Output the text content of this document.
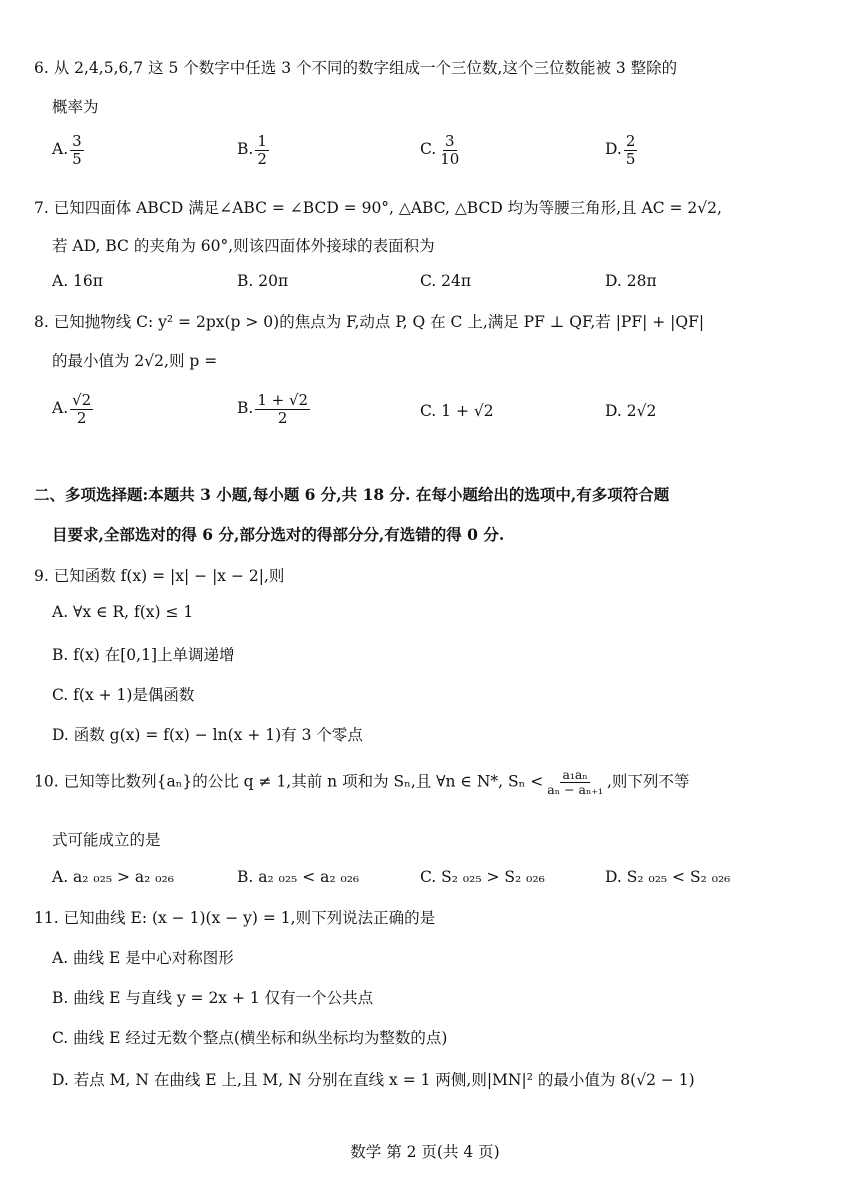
6. 从 2,4,5,6,7 这 5 个数字中任选 3 个不同的数字组成一个三位数,这个三位数能被 3 整除的
概率为
A. $\frac{3}{5}$	B. $\frac{1}{2}$	C. $\frac{3}{10}$	D. $\frac{2}{5}$
7. 已知四面体 ABCD 满足∠ABC = ∠BCD = 90°, △ABC, △BCD 均为等腰三角形,且 AC = 2√2,
若 AD, BC 的夹角为 60°,则该四面体外接球的表面积为
A. 16π	B. 20π	C. 24π	D. 28π
8. 已知抛物线 C: y² = 2px(p > 0)的焦点为 F,动点 P, Q 在 C 上,满足 PF ⊥ QF,若 |PF| + |QF|
的最小值为 2√2,则 p =
A. $\frac{√2}{2}$	B. $\frac{1 + √2}{2}$	C. 1 + √2	D. 2√2
二、多项选择题:本题共 3 小题,每小题 6 分,共 18 分. 在每小题给出的选项中,有多项符合题
目要求,全部选对的得 6 分,部分选对的得部分分,有选错的得 0 分.
9. 已知函数 f(x) = |x| − |x − 2|,则
A. ∀x ∈ R, f(x) ≤ 1
B. f(x) 在[0,1]上单调递增
C. f(x + 1)是偶函数
D. 函数 g(x) = f(x) − ln(x + 1)有 3 个零点
10. 已知等比数列{aₙ}的公比 q ≠ 1,其前 n 项和为 Sₙ,且 ∀n ∈ N*, $S_n < \frac{\text{a₁aₙ}}{\text{aₙ − aₙ₊₁}}$ ,则下列不等
式可能成立的是
A. a₂ ₀₂₅ > a₂ ₀₂₆	B. a₂ ₀₂₅ < a₂ ₀₂₆	C. S₂ ₀₂₅ > S₂ ₀₂₆	D. S₂ ₀₂₅ < S₂ ₀₂₆
11. 已知曲线 E: (x − 1)(x − y) = 1,则下列说法正确的是
A. 曲线 E 是中心对称图形
B. 曲线 E 与直线 y = 2x + 1 仅有一个公共点
C. 曲线 E 经过无数个整点(横坐标和纵坐标均为整数的点)
D. 若点 M, N 在曲线 E 上,且 M, N 分别在直线 x = 1 两侧,则|MN|² 的最小值为 8(√2 − 1)
数学 第 2 页(共 4 页)
